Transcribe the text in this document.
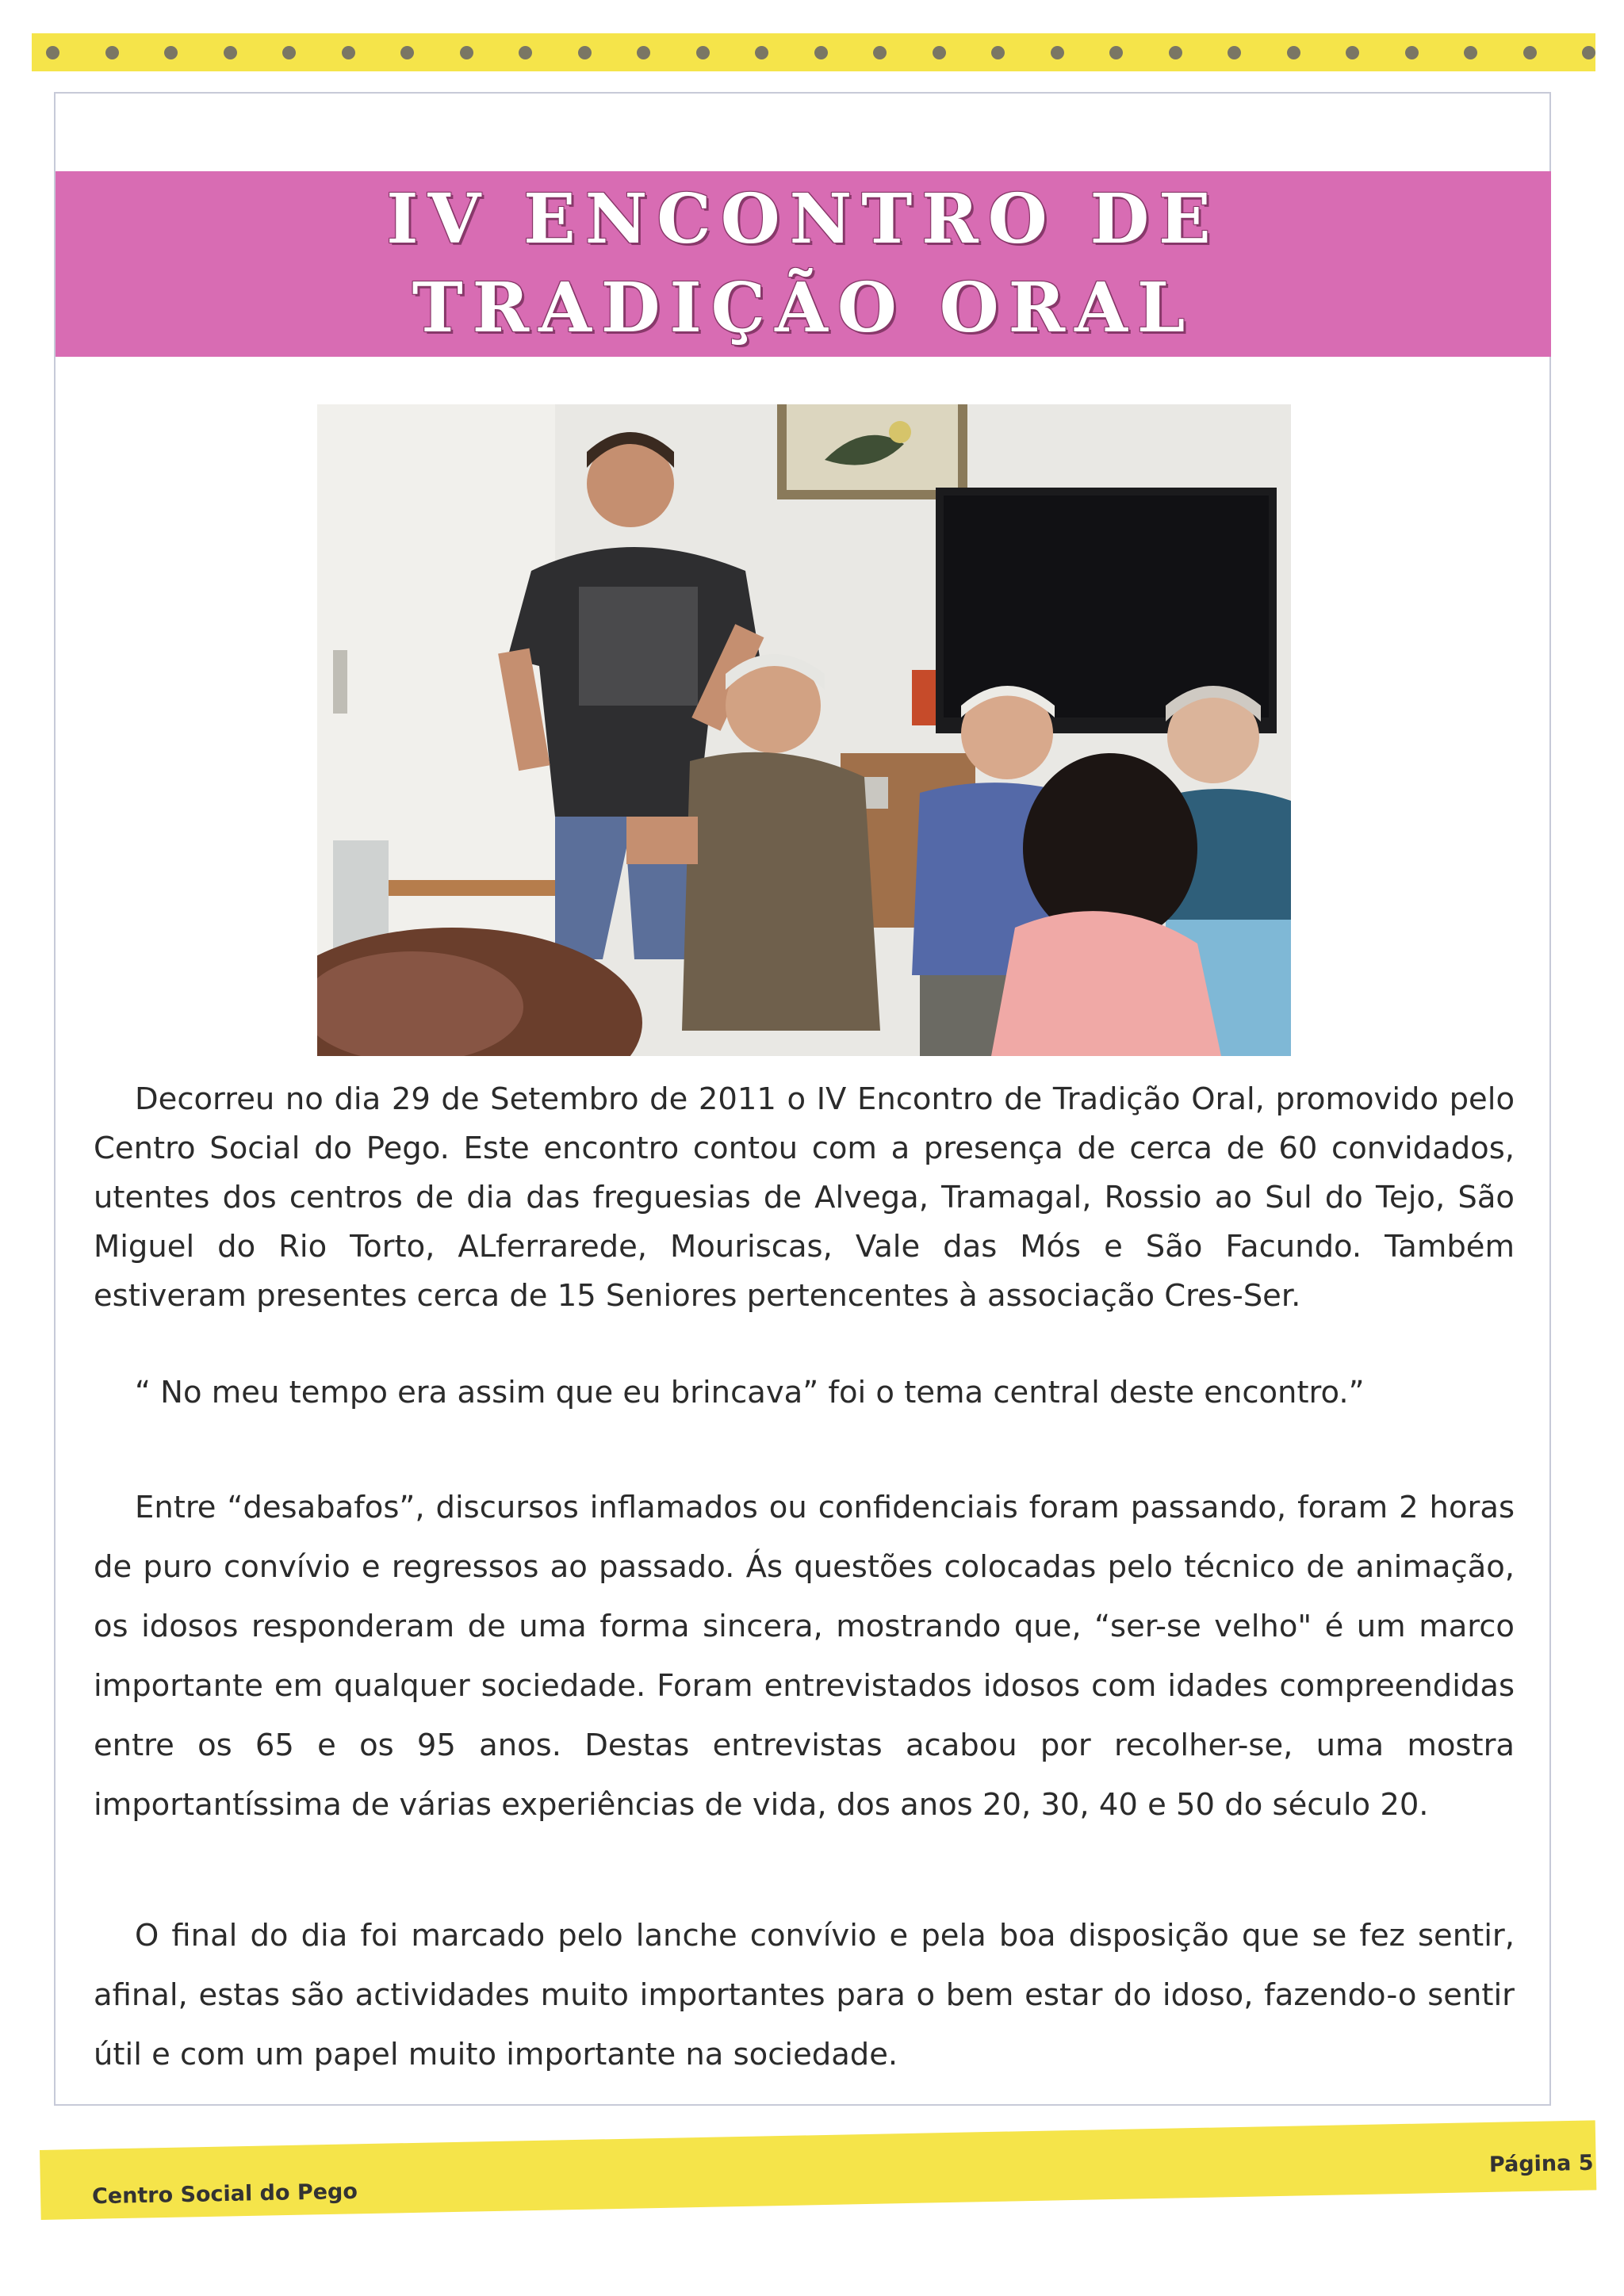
IV ENCONTRO DE TRADIÇÃO ORAL

Decorreu no dia 29 de Setembro de 2011 o IV Encontro de Tradição Oral, promovido pelo Centro Social do Pego. Este encontro contou com a presença de cerca de 60 convidados, utentes dos centros de dia das freguesias de Alvega, Tramagal, Rossio ao Sul do Tejo, São Miguel do Rio Torto, ALferrarede, Mouriscas, Vale das Mós e São Facundo. Também estiveram presentes cerca de 15 Seniores pertencentes à associação Cres-Ser.

“ No meu tempo era assim que eu brincava” foi o tema central deste encontro.”

Entre “desabafos”, discursos inflamados ou confidenciais foram passando, foram 2 horas de puro convívio e regressos ao passado. Ás questões colocadas pelo técnico de animação, os idosos responderam de uma forma sincera, mostrando que, “ser-se velho" é um marco importante em qualquer sociedade. Foram entrevistados idosos com idades compreendidas entre os 65 e os 95 anos. Destas entrevistas acabou por recolher-se, uma mostra importantíssima de várias experiências de vida, dos anos 20, 30, 40 e 50 do século 20.

O final do dia foi marcado pelo lanche convívio e pela boa disposição que se fez sentir, afinal, estas são actividades muito importantes para o bem estar do idoso, fazendo-o sentir útil e com um papel muito importante na sociedade.

Centro Social do Pego
Página 5
